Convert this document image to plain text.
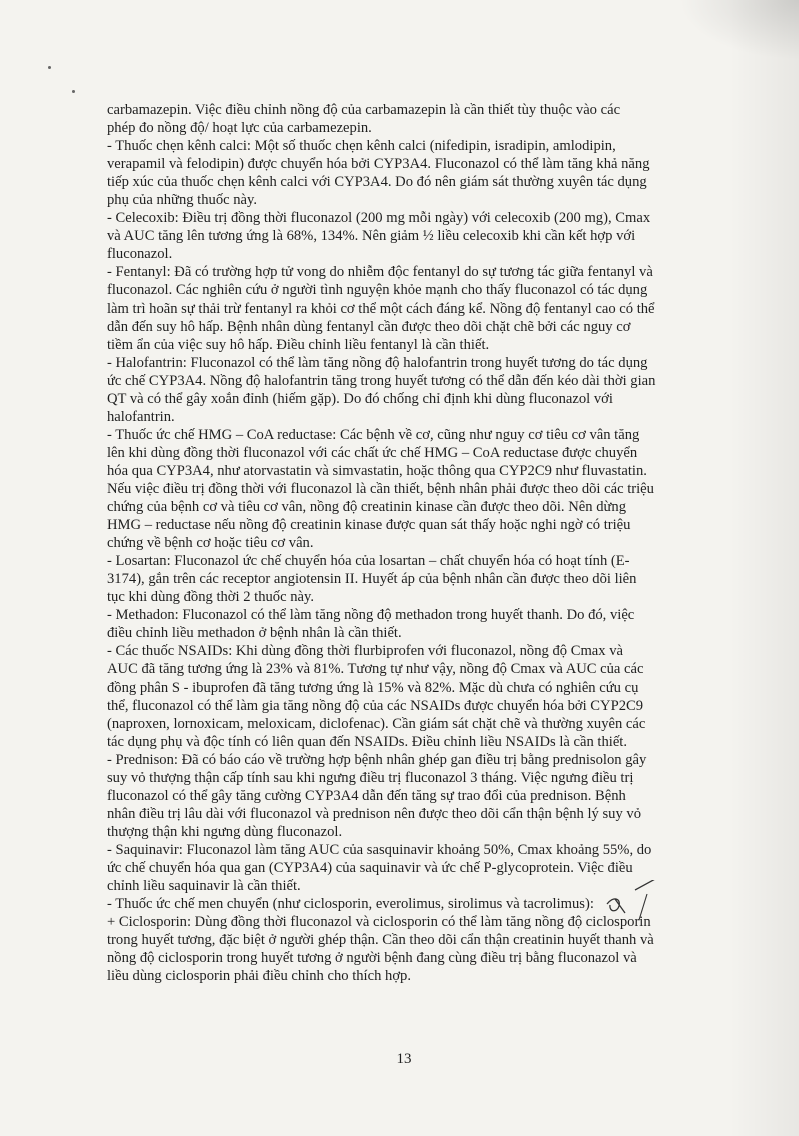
carbamazepin. Việc điều chỉnh nồng độ của carbamazepin là cần thiết tùy thuộc vào các
phép đo nồng độ/ hoạt lực của carbamezepin.
- Thuốc chẹn kênh calci: Một số thuốc chẹn kênh calci (nifedipin, isradipin, amlodipin,
verapamil và felodipin) được chuyển hóa bởi CYP3A4. Fluconazol có thể làm tăng khả năng
tiếp xúc của thuốc chẹn kênh calci với CYP3A4. Do đó nên giám sát thường xuyên tác dụng
phụ của những thuốc này.
- Celecoxib: Điều trị đồng thời fluconazol (200 mg mỗi ngày) với celecoxib (200 mg), Cmax
và AUC tăng lên tương ứng là 68%, 134%. Nên giảm ½ liều celecoxib khi cần kết hợp với
fluconazol.
- Fentanyl: Đã có trường hợp tử vong do nhiễm độc fentanyl do sự tương tác giữa fentanyl và
fluconazol. Các nghiên cứu ở người tình nguyện khỏe mạnh cho thấy fluconazol có tác dụng
làm trì hoãn sự thải trừ fentanyl ra khỏi cơ thể một cách đáng kể. Nồng độ fentanyl cao có thể
dẫn đến suy hô hấp. Bệnh nhân dùng fentanyl cần được theo dõi chặt chẽ bởi các nguy cơ
tiềm ẩn của việc suy hô hấp. Điều chỉnh liều fentanyl là cần thiết.
- Halofantrin: Fluconazol có thể làm tăng nồng độ halofantrin trong huyết tương do tác dụng
ức chế CYP3A4. Nồng độ halofantrin tăng trong huyết tương có thể dẫn đến kéo dài thời gian
QT và có thể gây xoắn đỉnh (hiếm gặp). Do đó chống chỉ định khi dùng fluconazol với
halofantrin.
- Thuốc ức chế HMG – CoA reductase: Các bệnh về cơ, cũng như nguy cơ tiêu cơ vân tăng
lên khi dùng đồng thời fluconazol với các chất ức chế HMG – CoA reductase được chuyển
hóa qua CYP3A4, như atorvastatin và simvastatin, hoặc thông qua CYP2C9 như fluvastatin.
Nếu việc điều trị đồng thời với fluconazol là cần thiết, bệnh nhân phải được theo dõi các triệu
chứng của bệnh cơ và tiêu cơ vân, nồng độ creatinin kinase cần được theo dõi. Nên dừng
HMG – reductase nếu nồng độ creatinin kinase được quan sát thấy hoặc nghi ngờ có triệu
chứng về bệnh cơ hoặc tiêu cơ vân.
- Losartan: Fluconazol ức chế chuyển hóa của losartan – chất chuyển hóa có hoạt tính (E-
3174), gắn trên các receptor angiotensin II. Huyết áp của bệnh nhân cần được theo dõi liên
tục khi dùng đồng thời 2 thuốc này.
- Methadon: Fluconazol có thể làm tăng nồng độ methadon trong huyết thanh. Do đó, việc
điều chỉnh liều methadon ở bệnh nhân là cần thiết.
- Các thuốc NSAIDs: Khi dùng đồng thời flurbiprofen với fluconazol, nồng độ Cmax và
AUC đã tăng tương ứng là 23% và 81%. Tương tự như vậy, nồng độ Cmax và AUC của các
đồng phân S - ibuprofen đã tăng tương ứng là 15% và 82%. Mặc dù chưa có nghiên cứu cụ
thể, fluconazol có thể làm gia tăng nồng độ của các NSAIDs được chuyển hóa bởi CYP2C9
(naproxen, lornoxicam, meloxicam, diclofenac). Cần giám sát chặt chẽ và thường xuyên các
tác dụng phụ và độc tính có liên quan đến NSAIDs. Điều chỉnh liều NSAIDs là cần thiết.
- Prednison: Đã có báo cáo về trường hợp bệnh nhân ghép gan điều trị bằng prednisolon gây
suy vỏ thượng thận cấp tính sau khi ngưng điều trị fluconazol 3 tháng. Việc ngưng điều trị
fluconazol có thể gây tăng cường CYP3A4 dẫn đến tăng sự trao đổi của prednison. Bệnh
nhân điều trị lâu dài với fluconazol và prednison nên được theo dõi cẩn thận bệnh lý suy vỏ
thượng thận khi ngưng dùng fluconazol.
- Saquinavir: Fluconazol làm tăng AUC của sasquinavir khoảng 50%, Cmax khoảng 55%, do
ức chế chuyển hóa qua gan (CYP3A4) của saquinavir và ức chế P-glycoprotein. Việc điều
chỉnh liều saquinavir là cần thiết.
- Thuốc ức chế men chuyển (như ciclosporin, everolimus, sirolimus và tacrolimus):
+ Ciclosporin: Dùng đồng thời fluconazol và ciclosporin có thể làm tăng nồng độ ciclosporin
trong huyết tương, đặc biệt ở người ghép thận. Cần theo dõi cẩn thận creatinin huyết thanh và
nồng độ ciclosporin trong huyết tương ở người bệnh đang cùng điều trị bằng fluconazol và
liều dùng ciclosporin phải điều chỉnh cho thích hợp.
13
